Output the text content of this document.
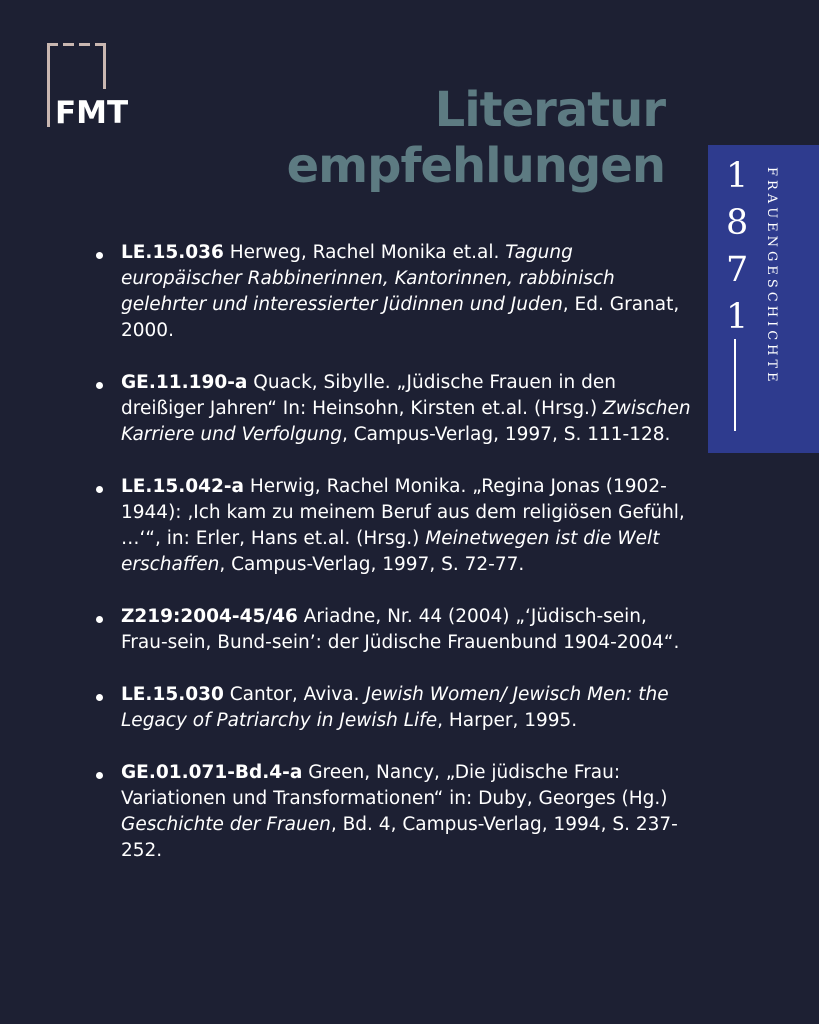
FMT	Literatur
empfehlungen 1
8
7
1 FRAUENGESCHICHTE
LE.15.036 Herweg, Rachel Monika et.al. Tagung europäischer Rabbinerinnen, Kantorinnen, rabbinisch gelehrter und interessierter Jüdinnen und Juden, Ed. Granat, 2000.
GE.11.190-a Quack, Sibylle. „Jüdische Frauen in den dreißiger Jahren“ In: Heinsohn, Kirsten et.al. (Hrsg.) Zwischen Karriere und Verfolgung, Campus-Verlag, 1997, S. 111-128.
LE.15.042-a Herwig, Rachel Monika. „Regina Jonas (1902-1944): ‚Ich kam zu meinem Beruf aus dem religiösen Gefühl, …‘“, in: Erler, Hans et.al. (Hrsg.) Meinetwegen ist die Welt erschaffen, Campus-Verlag, 1997, S. 72-77.
Z219:2004-45/46 Ariadne, Nr. 44 (2004) „‘Jüdisch-sein, Frau-sein, Bund-sein’: der Jüdische Frauenbund 1904-2004“.
LE.15.030 Cantor, Aviva. Jewish Women/ Jewisch Men: the Legacy of Patriarchy in Jewish Life, Harper, 1995.
GE.01.071-Bd.4-a Green, Nancy, „Die jüdische Frau: Variationen und Transformationen“ in: Duby, Georges (Hg.) Geschichte der Frauen, Bd. 4, Campus-Verlag, 1994, S. 237-252.
